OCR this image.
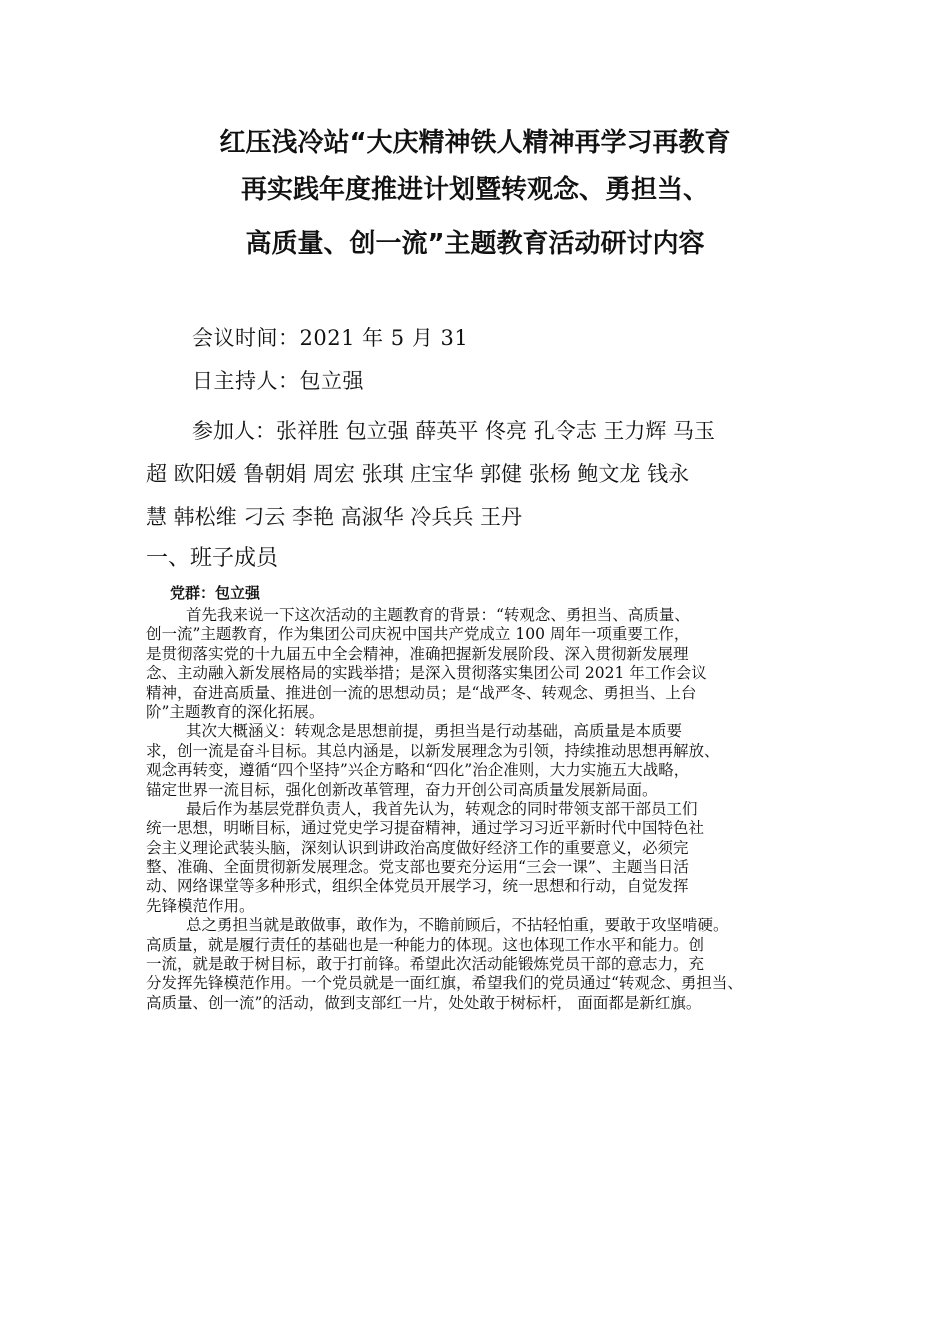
红压浅冷站“大庆精神铁人精神再学习再教育
再实践年度推进计划暨转观念、勇担当、
高质量、创一流”主题教育活动研讨内容
会议时间：2021 年 5 月 31
日主持人：包立强
参加人：张祥胜 包立强 薛英平 佟亮 孔令志 王力辉 马玉
超 欧阳媛 鲁朝娟 周宏 张琪 庄宝华 郭健 张杨 鲍文龙 钱永
慧 韩松维 刁云 李艳 高淑华 冷兵兵 王丹
一、班子成员
党群：包立强
首先我来说一下这次活动的主题教育的背景：“转观念、勇担当、高质量、
创一流”主题教育，作为集团公司庆祝中国共产党成立 100 周年一项重要工作，
是贯彻落实党的十九届五中全会精神，准确把握新发展阶段、深入贯彻新发展理
念、主动融入新发展格局的实践举措；是深入贯彻落实集团公司 2021 年工作会议
精神，奋进高质量、推进创一流的思想动员；是“战严冬、转观念、勇担当、上台
阶”主题教育的深化拓展。
其次大概涵义：转观念是思想前提，勇担当是行动基础，高质量是本质要
求，创一流是奋斗目标。其总内涵是，以新发展理念为引领，持续推动思想再解放、
观念再转变，遵循“四个坚持”兴企方略和“四化”治企准则，大力实施五大战略，
锚定世界一流目标，强化创新改革管理，奋力开创公司高质量发展新局面。
最后作为基层党群负责人，我首先认为，转观念的同时带领支部干部员工们
统一思想，明晰目标，通过党史学习提奋精神，通过学习习近平新时代中国特色社
会主义理论武装头脑，深刻认识到讲政治高度做好经济工作的重要意义，必须完
整、准确、全面贯彻新发展理念。党支部也要充分运用“三会一课”、主题当日活
动、网络课堂等多种形式，组织全体党员开展学习，统一思想和行动，自觉发挥
先锋模范作用。
总之勇担当就是敢做事，敢作为，不瞻前顾后，不拈轻怕重，要敢于攻坚啃硬。
高质量，就是履行责任的基础也是一种能力的体现。这也体现工作水平和能力。创
一流，就是敢于树目标，敢于打前锋。希望此次活动能锻炼党员干部的意志力，充
分发挥先锋模范作用。一个党员就是一面红旗，希望我们的党员通过“转观念、勇担当、
高质量、创一流”的活动，做到支部红一片，处处敢于树标杆， 面面都是新红旗。
